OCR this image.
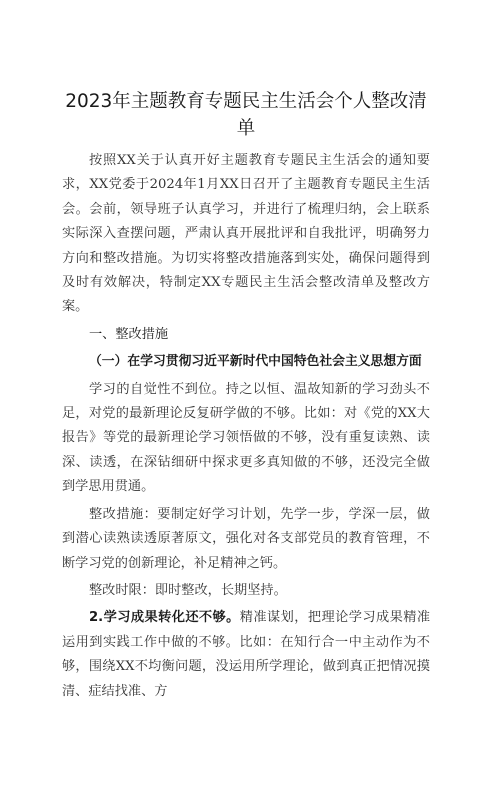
2023年主题教育专题民主生活会个人整改清
单

按照XX关于认真开好主题教育专题民主生活会的通知要求，XX党委于2024年1月XX日召开了主题教育专题民主生活会。会前，领导班子认真学习，并进行了梳理归纳，会上联系实际深入查摆问题，严肃认真开展批评和自我批评，明确努力方向和整改措施。为切实将整改措施落到实处，确保问题得到及时有效解决，特制定XX专题民主生活会整改清单及整改方案。

一、整改措施
（一）在学习贯彻习近平新时代中国特色社会主义思想方面

学习的自觉性不到位。持之以恒、温故知新的学习劲头不足，对党的最新理论反复研学做的不够。比如：对《党的XX大报告》等党的最新理论学习领悟做的不够，没有重复读熟、读深、读透，在深钻细研中探求更多真知做的不够，还没完全做到学思用贯通。

整改措施：要制定好学习计划，先学一步，学深一层，做到潜心读熟读透原著原文，强化对各支部党员的教育管理，不断学习党的创新理论，补足精神之钙。

整改时限：即时整改，长期坚持。

2.学习成果转化还不够。精准谋划，把理论学习成果精准运用到实践工作中做的不够。比如：在知行合一中主动作为不够，围绕XX不均衡问题，没运用所学理论，做到真正把情况摸清、症结找准、方
